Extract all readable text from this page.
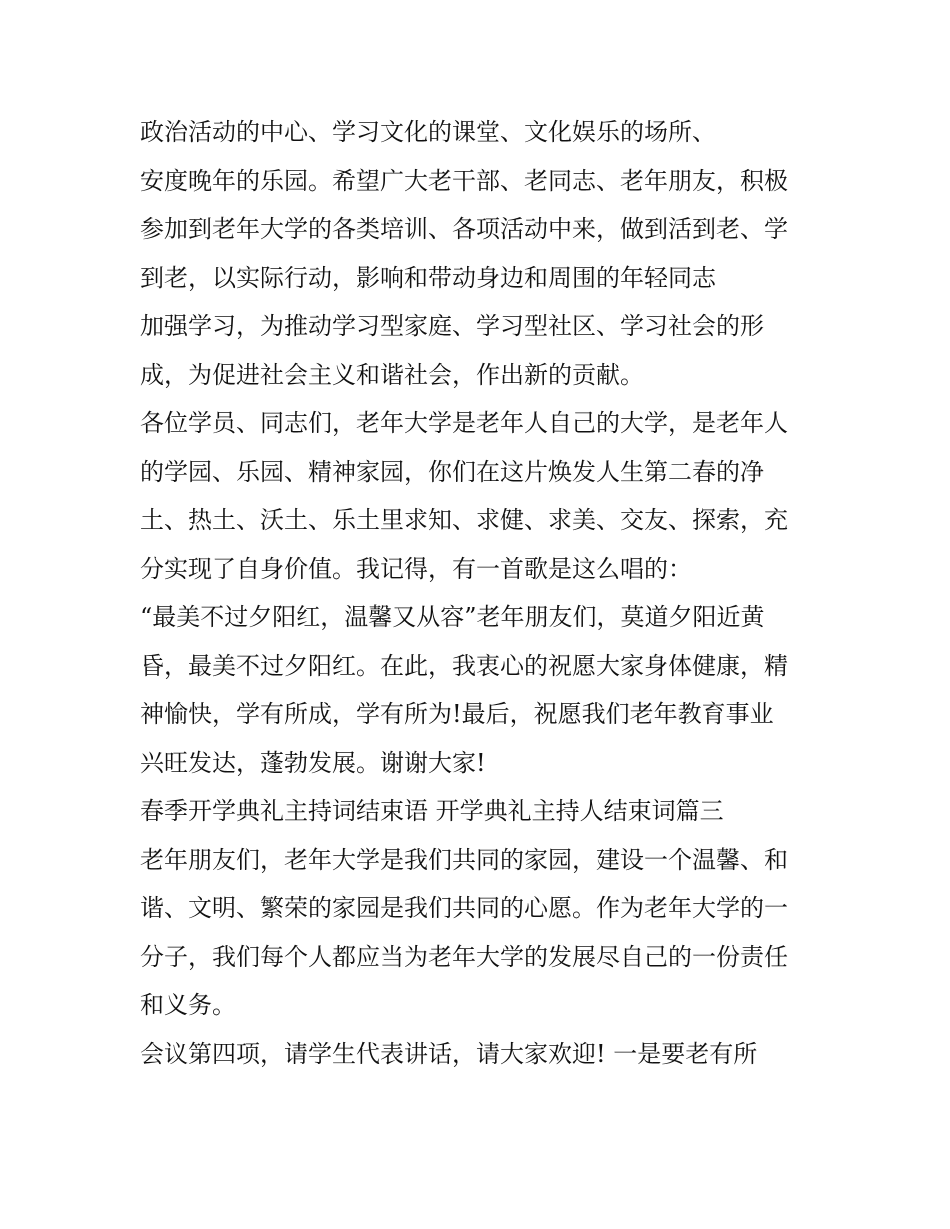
政治活动的中心、学习文化的课堂、文化娱乐的场所、
安度晚年的乐园。希望广大老干部、老同志、老年朋友，积极
参加到老年大学的各类培训、各项活动中来，做到活到老、学
到老，以实际行动，影响和带动身边和周围的年轻同志
加强学习，为推动学习型家庭、学习型社区、学习社会的形
成，为促进社会主义和谐社会，作出新的贡献。
各位学员、同志们，老年大学是老年人自己的大学，是老年人
的学园、乐园、精神家园，你们在这片焕发人生第二春的净
土、热土、沃土、乐土里求知、求健、求美、交友、探索，充
分实现了自身价值。我记得，有一首歌是这么唱的：
“最美不过夕阳红，温馨又从容”老年朋友们，莫道夕阳近黄
昏，最美不过夕阳红。在此，我衷心的祝愿大家身体健康，精
神愉快，学有所成，学有所为!最后，祝愿我们老年教育事业
兴旺发达，蓬勃发展。谢谢大家!
春季开学典礼主持词结束语 开学典礼主持人结束词篇三
老年朋友们，老年大学是我们共同的家园，建设一个温馨、和
谐、文明、繁荣的家园是我们共同的心愿。作为老年大学的一
分子，我们每个人都应当为老年大学的发展尽自己的一份责任
和义务。
会议第四项，请学生代表讲话，请大家欢迎! 一是要老有所
